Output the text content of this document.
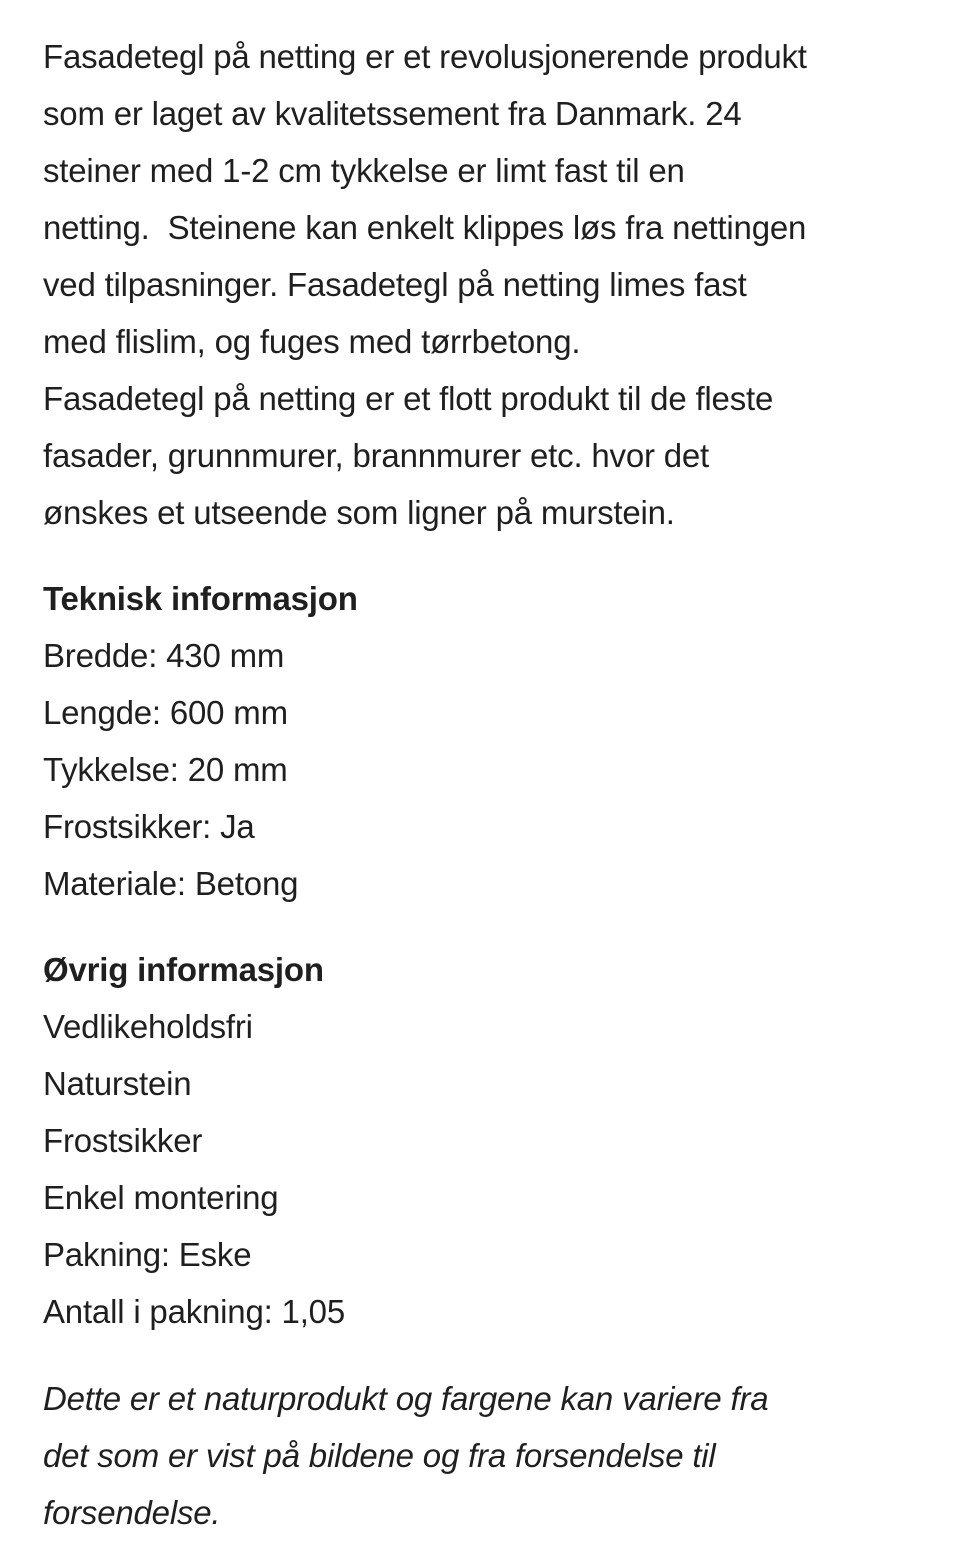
Fasadetegl på netting er et revolusjonerende produkt
som er laget av kvalitetssement fra Danmark. 24
steiner med 1-2 cm tykkelse er limt fast til en
netting.  Steinene kan enkelt klippes løs fra nettingen
ved tilpasninger. Fasadetegl på netting limes fast
med flislim, og fuges med tørrbetong.
Fasadetegl på netting er et flott produkt til de fleste
fasader, grunnmurer, brannmurer etc. hvor det
ønskes et utseende som ligner på murstein.
Teknisk informasjon
Bredde: 430 mm
Lengde: 600 mm
Tykkelse: 20 mm
Frostsikker: Ja
Materiale: Betong
Øvrig informasjon
Vedlikeholdsfri
Naturstein
Frostsikker
Enkel montering
Pakning: Eske
Antall i pakning: 1,05
Dette er et naturprodukt og fargene kan variere fra
det som er vist på bildene og fra forsendelse til
forsendelse.
